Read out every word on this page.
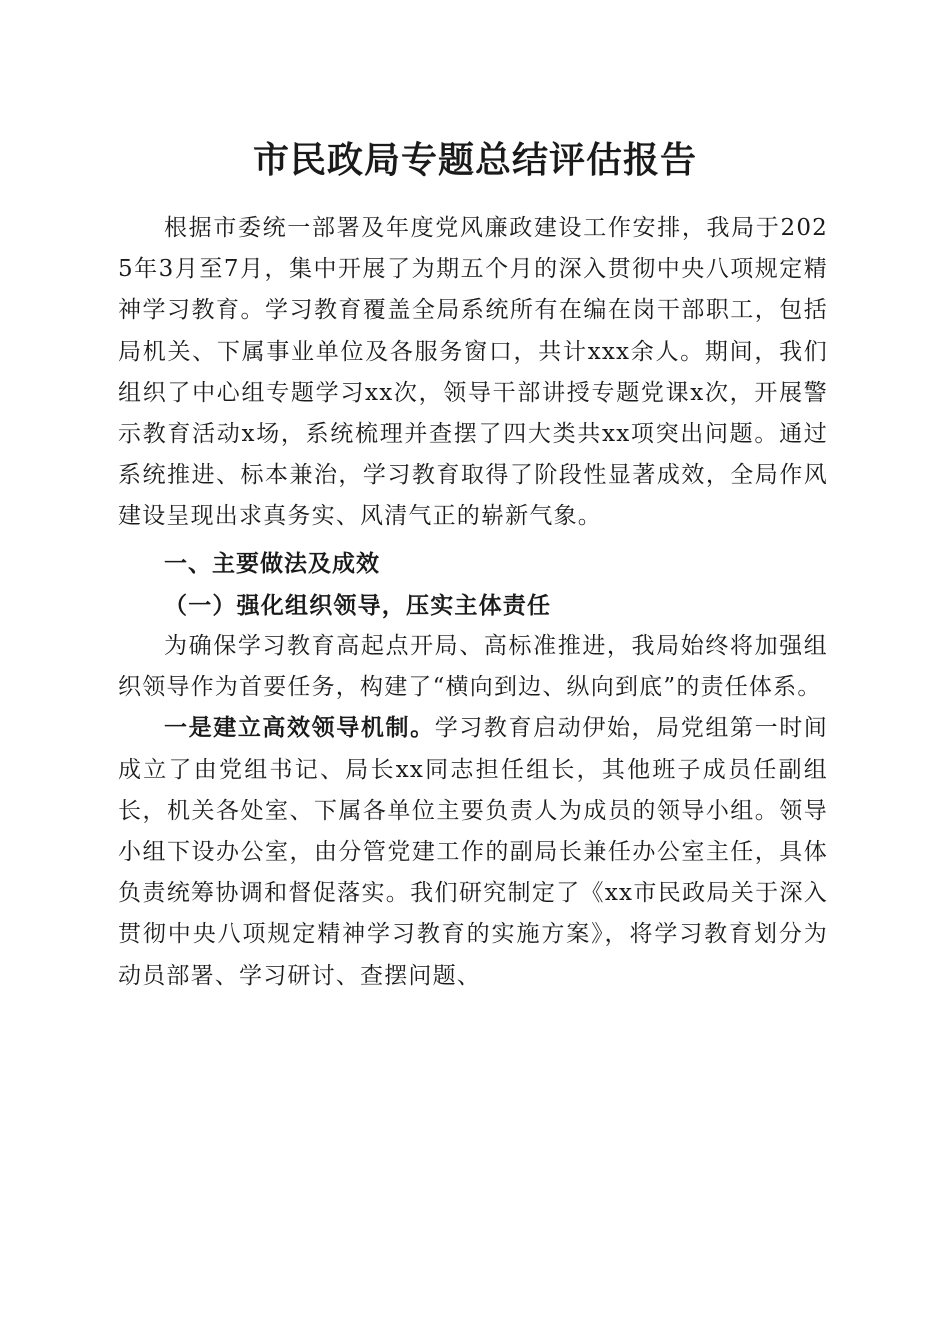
市民政局专题总结评估报告

根据市委统一部署及年度党风廉政建设工作安排，我局于2025年3月至7月，集中开展了为期五个月的深入贯彻中央八项规定精神学习教育。学习教育覆盖全局系统所有在编在岗干部职工，包括局机关、下属事业单位及各服务窗口，共计xxx余人。期间，我们组织了中心组专题学习xx次，领导干部讲授专题党课x次，开展警示教育活动x场，系统梳理并查摆了四大类共xx项突出问题。通过系统推进、标本兼治，学习教育取得了阶段性显著成效，全局作风建设呈现出求真务实、风清气正的崭新气象。

一、主要做法及成效

（一）强化组织领导，压实主体责任

为确保学习教育高起点开局、高标准推进，我局始终将加强组织领导作为首要任务，构建了“横向到边、纵向到底”的责任体系。

一是建立高效领导机制。学习教育启动伊始，局党组第一时间成立了由党组书记、局长xx同志担任组长，其他班子成员任副组长，机关各处室、下属各单位主要负责人为成员的领导小组。领导小组下设办公室，由分管党建工作的副局长兼任办公室主任，具体负责统筹协调和督促落实。我们研究制定了《xx市民政局关于深入贯彻中央八项规定精神学习教育的实施方案》，将学习教育划分为动员部署、学习研讨、查摆问题、
